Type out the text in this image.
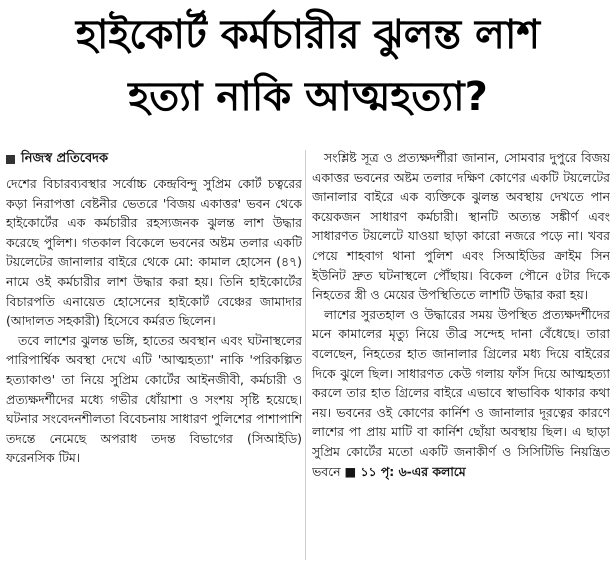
হাইকোর্ট কর্মচারীর ঝুলন্ত লাশ
হত্যা নাকি আত্মহত্যা?
নিজস্ব প্রতিবেদক

দেশের বিচারব্যবস্থার সর্বোচ্চ কেন্দ্রবিন্দু সুপ্রিম কোর্ট চত্বরের কড়া নিরাপত্তা বেষ্টনীর ভেতরে 'বিজয় একাত্তর' ভবন থেকে হাইকোর্টের এক কর্মচারীর রহস্যজনক ঝুলন্ত লাশ উদ্ধার করেছে পুলিশ। গতকাল বিকেলে ভবনের অষ্টম তলার একটি টয়লেটের জানালার বাইরে থেকে মো: কামাল হোসেন (৪৭) নামে ওই কর্মচারীর লাশ উদ্ধার করা হয়। তিনি হাইকোর্টের বিচারপতি এনায়েত হোসেনের হাইকোর্ট বেঞ্চের জামাদার (আদালত সহকারী) হিসেবে কর্মরত ছিলেন।

তবে লাশের ঝুলন্ত ভঙ্গি, হাতের অবস্থান এবং ঘটনাস্থলের পারিপার্শ্বিক অবস্থা দেখে এটি 'আত্মহত্যা' নাকি 'পরিকল্পিত হত্যাকাণ্ড' তা নিয়ে সুপ্রিম কোর্টের আইনজীবী, কর্মচারী ও প্রত্যক্ষদর্শীদের মধ্যে গভীর ধোঁয়াশা ও সংশয় সৃষ্টি হয়েছে। ঘটনার সংবেদনশীলতা বিবেচনায় সাধারণ পুলিশের পাশাপাশি তদন্তে নেমেছে অপরাধ তদন্ত বিভাগের (সিআইডি) ফরেনসিক টিম।

সংশ্লিষ্ট সূত্র ও প্রত্যক্ষদর্শীরা জানান, সোমবার দুপুরে বিজয় একাত্তর ভবনের অষ্টম তলার দক্ষিণ কোণের একটি টয়লেটের জানালার বাইরে এক ব্যক্তিকে ঝুলন্ত অবস্থায় দেখতে পান কয়েকজন সাধারণ কর্মচারী। স্থানটি অত্যন্ত সঙ্কীর্ণ এবং সাধারণত টয়লেটে যাওয়া ছাড়া কারো নজরে পড়ে না। খবর পেয়ে শাহবাগ থানা পুলিশ এবং সিআইডির ক্রাইম সিন ইউনিট দ্রুত ঘটনাস্থলে পৌঁছায়। বিকেল পৌনে ৫টার দিকে নিহতের স্ত্রী ও মেয়ের উপস্থিতিতে লাশটি উদ্ধার করা হয়।

লাশের সুরতহাল ও উদ্ধারের সময় উপস্থিত প্রত্যক্ষদর্শীদের মনে কামালের মৃত্যু নিয়ে তীব্র সন্দেহ দানা বেঁধেছে। তারা বলেছেন, নিহতের হাত জানালার গ্রিলের মধ্য দিয়ে বাইরের দিকে ঝুলে ছিল। সাধারণত কেউ গলায় ফাঁস দিয়ে আত্মহত্যা করলে তার হাত গ্রিলের বাইরে এভাবে স্বাভাবিক থাকার কথা নয়। ভবনের ওই কোণের কার্নিশ ও জানালার দূরত্বের কারণে লাশের পা প্রায় মাটি বা কার্নিশ ছোঁয়া অবস্থায় ছিল। এ ছাড়া সুপ্রিম কোর্টের মতো একটি জনাকীর্ণ ও সিসিটিভি নিয়ন্ত্রিত ভবনে ■ ১১ পৃ: ৬-এর কলামে
